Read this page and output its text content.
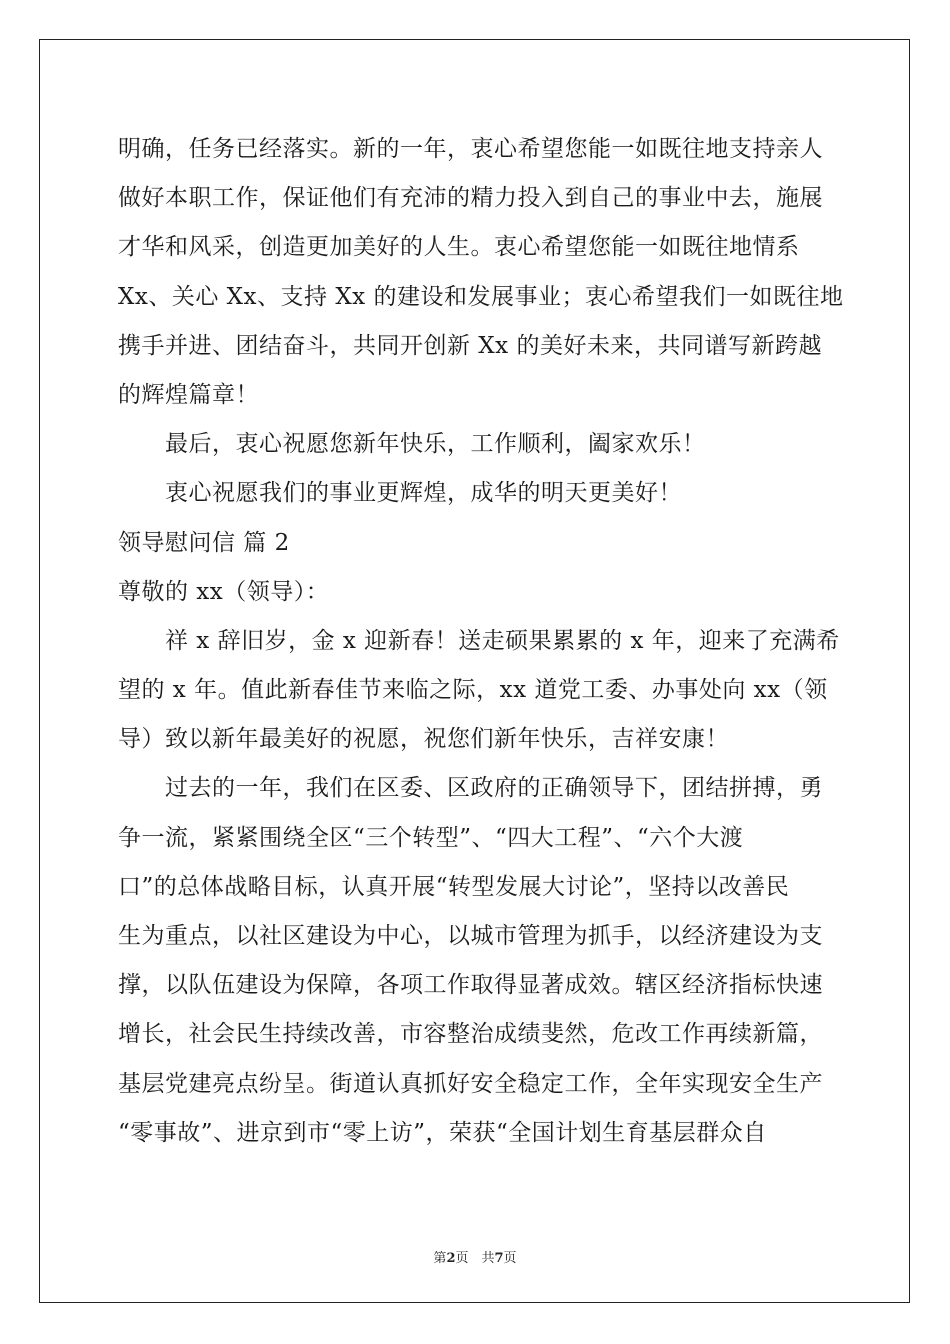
明确，任务已经落实。新的一年，衷心希望您能一如既往地支持亲人
做好本职工作，保证他们有充沛的精力投入到自己的事业中去，施展
才华和风采，创造更加美好的人生。衷心希望您能一如既往地情系
Xx、关心 Xx、支持 Xx 的建设和发展事业；衷心希望我们一如既往地
携手并进、团结奋斗，共同开创新 Xx 的美好未来，共同谱写新跨越
的辉煌篇章！
最后，衷心祝愿您新年快乐，工作顺利，阖家欢乐！
衷心祝愿我们的事业更辉煌，成华的明天更美好！
领导慰问信 篇 2
尊敬的 xx（领导）：
祥 x 辞旧岁，金 x 迎新春！送走硕果累累的 x 年，迎来了充满希
望的 x 年。值此新春佳节来临之际，xx 道党工委、办事处向 xx（领
导）致以新年最美好的祝愿，祝您们新年快乐，吉祥安康！
过去的一年，我们在区委、区政府的正确领导下，团结拼搏，勇
争一流，紧紧围绕全区“三个转型”、“四大工程”、“六个大渡
口”的总体战略目标，认真开展“转型发展大讨论”，坚持以改善民
生为重点，以社区建设为中心，以城市管理为抓手，以经济建设为支
撑，以队伍建设为保障，各项工作取得显著成效。辖区经济指标快速
增长，社会民生持续改善，市容整治成绩斐然，危改工作再续新篇，
基层党建亮点纷呈。街道认真抓好安全稳定工作，全年实现安全生产
“零事故”、进京到市“零上访”，荣获“全国计划生育基层群众自
第2页　共7页
